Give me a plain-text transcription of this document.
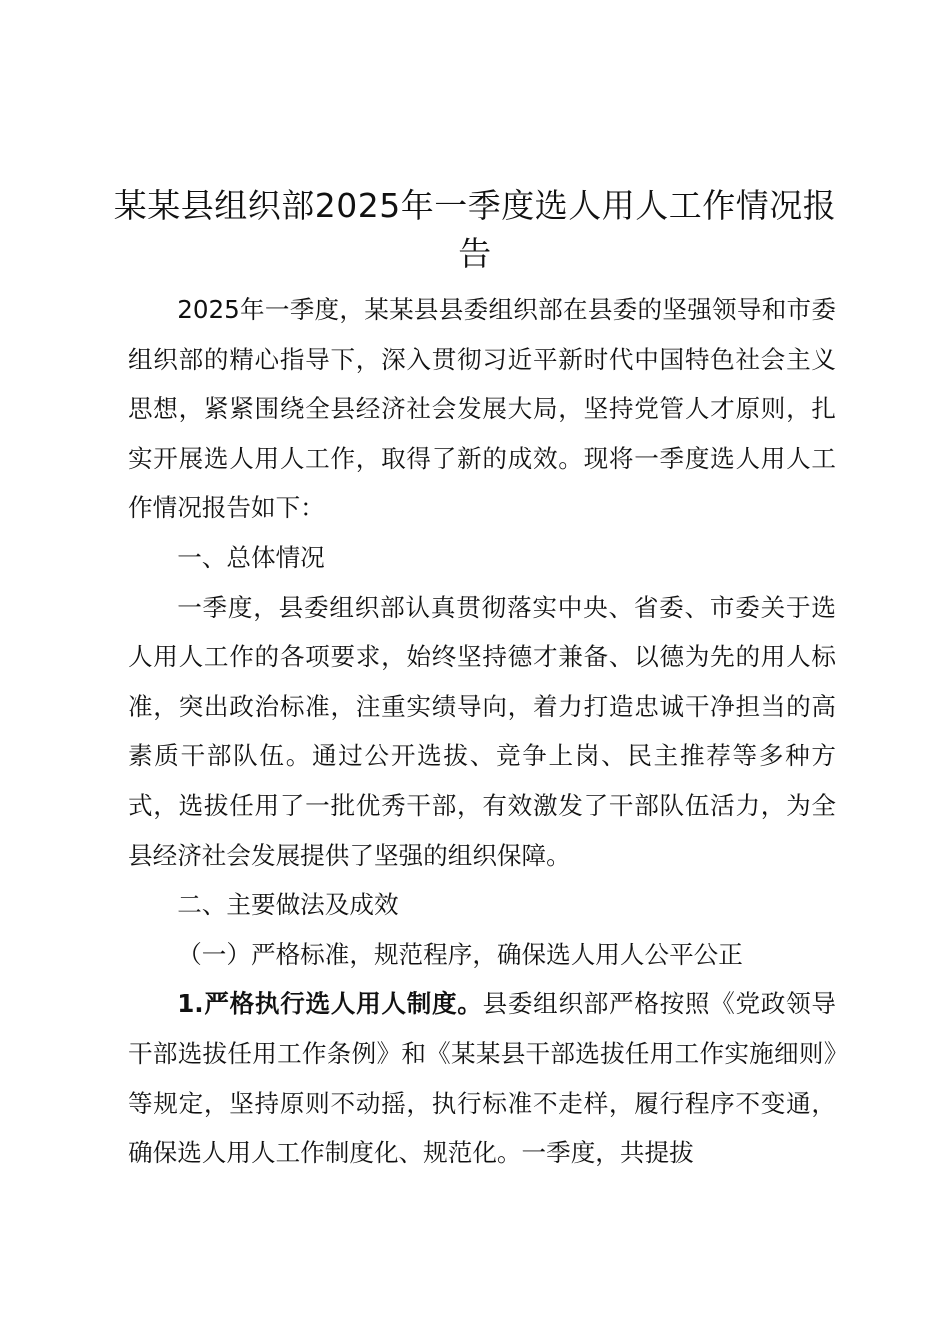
某某县组织部2025年一季度选人用人工作情况报告

2025年一季度，某某县县委组织部在县委的坚强领导和市委组织部的精心指导下，深入贯彻习近平新时代中国特色社会主义思想，紧紧围绕全县经济社会发展大局，坚持党管人才原则，扎实开展选人用人工作，取得了新的成效。现将一季度选人用人工作情况报告如下：

一、总体情况

一季度，县委组织部认真贯彻落实中央、省委、市委关于选人用人工作的各项要求，始终坚持德才兼备、以德为先的用人标准，突出政治标准，注重实绩导向，着力打造忠诚干净担当的高素质干部队伍。通过公开选拔、竞争上岗、民主推荐等多种方式，选拔任用了一批优秀干部，有效激发了干部队伍活力，为全县经济社会发展提供了坚强的组织保障。

二、主要做法及成效

（一）严格标准，规范程序，确保选人用人公平公正

1.严格执行选人用人制度。县委组织部严格按照《党政领导干部选拔任用工作条例》和《某某县干部选拔任用工作实施细则》等规定，坚持原则不动摇，执行标准不走样，履行程序不变通，确保选人用人工作制度化、规范化。一季度，共提拔
